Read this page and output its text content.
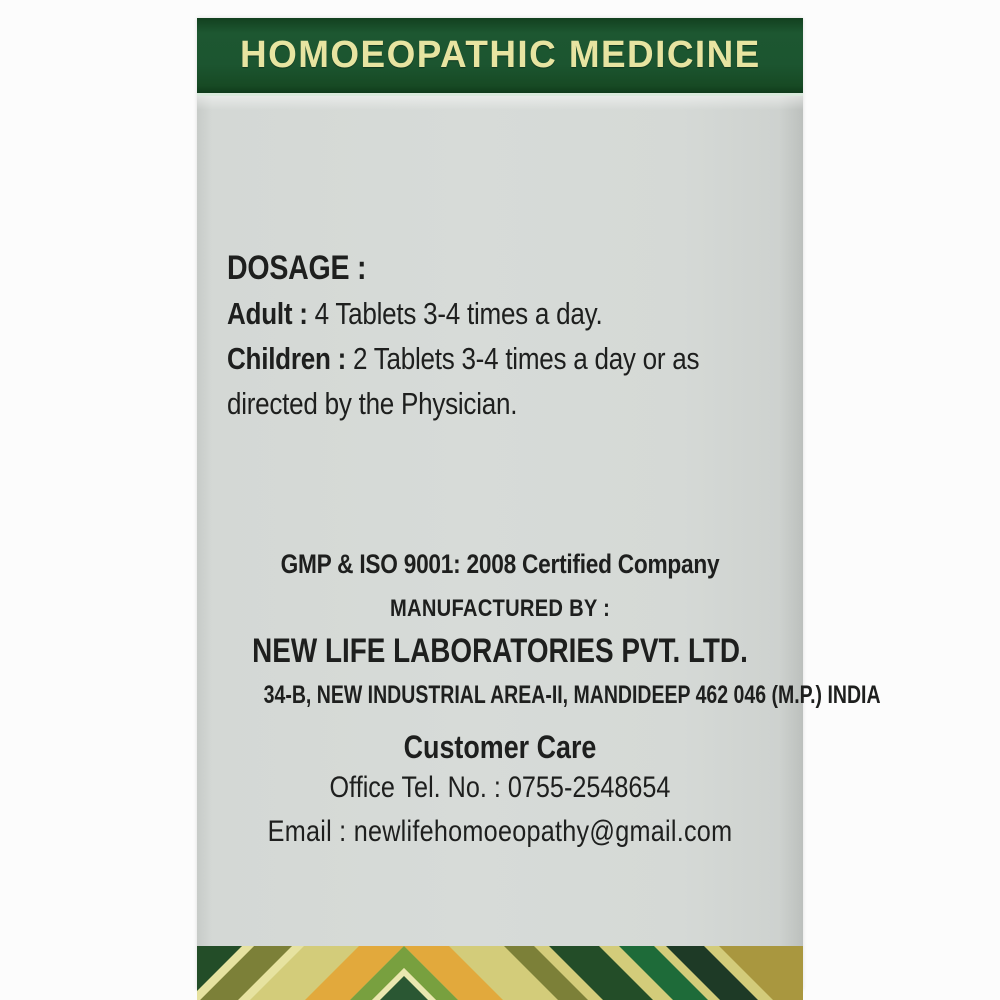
HOMOEOPATHIC MEDICINE
DOSAGE :
Adult : 4 Tablets 3-4 times a day.
Children : 2 Tablets 3-4 times a day or as
directed by the Physician.
GMP & ISO 9001: 2008 Certified Company
MANUFACTURED BY :
NEW LIFE LABORATORIES PVT. LTD.
34-B, NEW INDUSTRIAL AREA-II, MANDIDEEP 462 046 (M.P.) INDIA
Customer Care
Office Tel. No. : 0755-2548654
Email : newlifehomoeopathy@gmail.com
